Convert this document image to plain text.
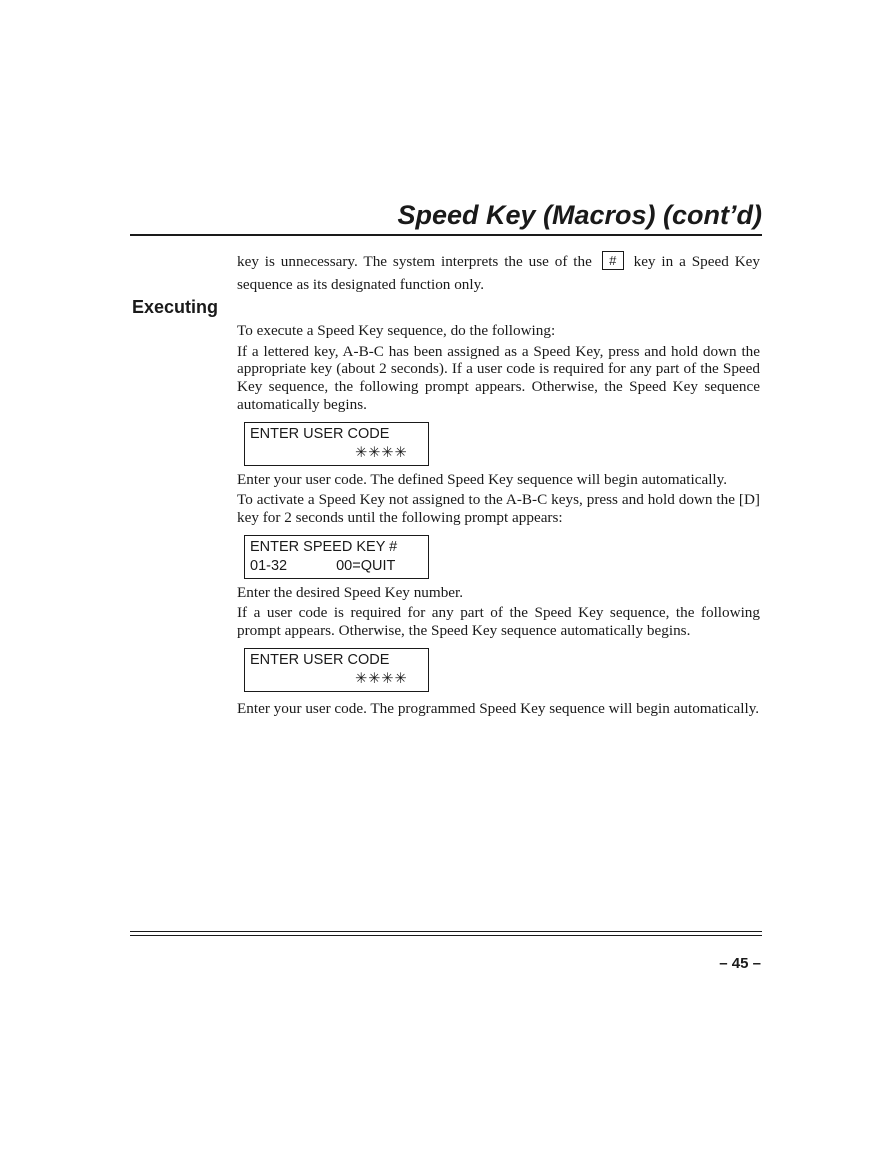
Speed Key (Macros) (cont’d)
Executing

key is unnecessary. The system interprets the use of the # key in a Speed Key sequence as its designated function only.

To execute a Speed Key sequence, do the following:

If a lettered key, A-B-C has been assigned as a Speed Key, press and hold down the appropriate key (about 2 seconds). If a user code is required for any part of the Speed Key sequence, the following prompt appears. Otherwise, the Speed Key sequence automatically begins.

ENTER USER CODE
✳✳✳✳

Enter your user code. The defined Speed Key sequence will begin automatically.

To activate a Speed Key not assigned to the A-B-C keys, press and hold down the [D] key for 2 seconds until the following prompt appears:

ENTER SPEED KEY #
01-32	00=QUIT

Enter the desired Speed Key number.

If a user code is required for any part of the Speed Key sequence, the following prompt appears. Otherwise, the Speed Key sequence automatically begins.

ENTER USER CODE
✳✳✳✳

Enter your user code. The programmed Speed Key sequence will begin automatically.

– 45 –
